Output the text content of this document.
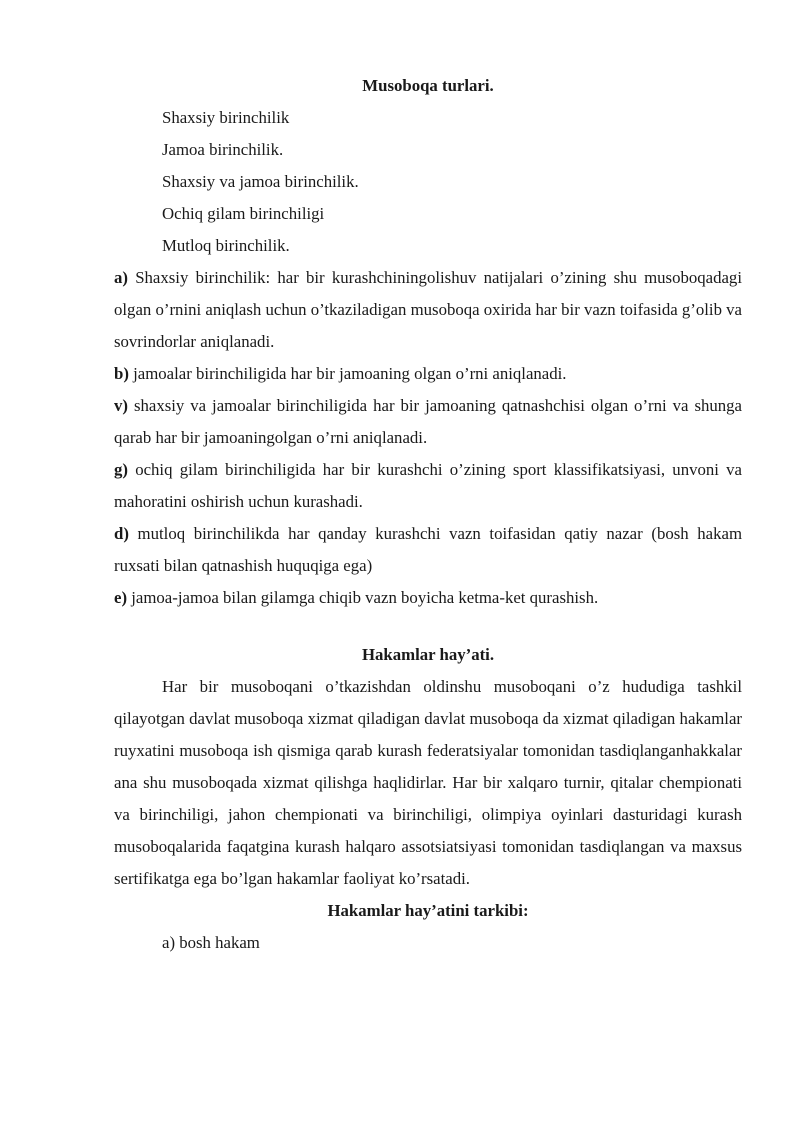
Musoboqa turlari.
Shaxsiy birinchilik
Jamoa birinchilik.
Shaxsiy va jamoa birinchilik.
Ochiq gilam birinchiligi
Mutloq birinchilik.
a) Shaxsiy birinchilik: har bir kurashchiningolishuv natijalari o’zining shu musoboqadagi olgan o’rnini aniqlash uchun o’tkaziladigan musoboqa oxirida har bir vazn toifasida g’olib va sovrindorlar aniqlanadi.
b) jamoalar birinchiligida har bir jamoaning olgan o’rni aniqlanadi.
v) shaxsiy va jamoalar birinchiligida har bir jamoaning qatnashchisi olgan o’rni va shunga qarab har bir jamoaningolgan o’rni aniqlanadi.
g) ochiq gilam birinchiligida har bir kurashchi o’zining sport klassifikatsiyasi, unvoni va mahoratini oshirish uchun kurashadi.
d) mutloq birinchilikda har qanday kurashchi vazn toifasidan qatiy nazar (bosh hakam ruxsati bilan qatnashish huquqiga ega)
e) jamoa-jamoa bilan gilamga chiqib vazn boyicha ketma-ket qurashish.
Hakamlar hay’ati.
Har bir musoboqani o’tkazishdan oldinshu musoboqani o’z hududiga tashkil qilayotgan davlat musoboqa xizmat qiladigan davlat musoboqa da xizmat qiladigan hakamlar ruyxatini musoboqa ish qismiga qarab kurash federatsiyalar tomonidan tasdiqlanganhakkalar ana shu musoboqada xizmat qilishga haqlidirlar. Har bir xalqaro turnir, qitalar chempionati va birinchiligi, jahon chempionati va birinchiligi, olimpiya oyinlari dasturidagi kurash musoboqalarida faqatgina kurash halqaro assotsiatsiyasi tomonidan tasdiqlangan va maxsus sertifikatga ega bo’lgan hakamlar faoliyat ko’rsatadi.
Hakamlar hay’atini tarkibi:
a) bosh hakam
